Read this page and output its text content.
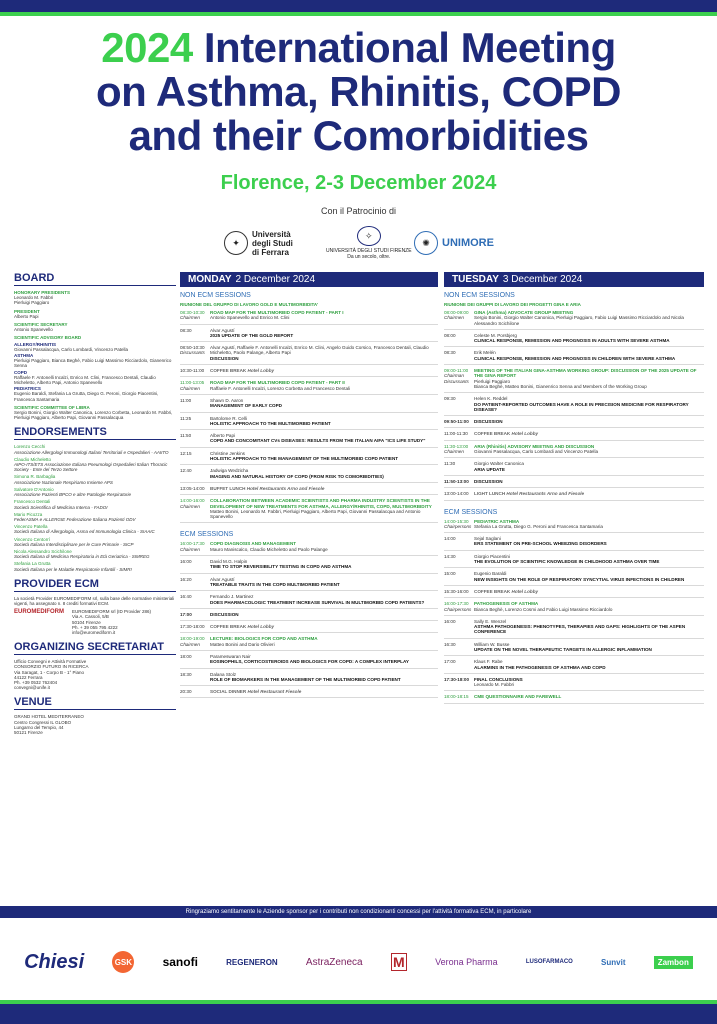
2024 International Meeting
on Asthma, Rhinitis, COPD
and their Comorbidities
Florence, 2-3 December 2024
Con il Patrocinio di
✦
Università degli Studi di Ferrara
✧
UNIVERSITÀ DEGLI STUDI FIRENZE
Da un secolo, oltre.
✺	UNIMORE
BOARD
HONORARY PRESIDENTS
Leonardo M. Fabbri
Pierluigi Paggiaro
PRESIDENT
Alberto Papi
SCIENTIFIC SECRETARY
Antonio Spanevello
SCIENTIFIC ADVISORY BOARD
ALLERGY/RHINITIS
Giovanni Passalacqua, Carlo Lombardi, Vincenzo Patella
ASTHMA
Pierluigi Paggiaro, Bianca Beghè, Fabio Luigi Massimo Ricciardolo, Gianenrico Senna
COPD
Raffaele F. Antonelli Incalzi, Enrico M. Clini, Francesco Dentali, Claudio Micheletto, Alberto Papi, Antonio Spanevello
PEDIATRICS
Eugenio Baraldi, Stefania La Grutta, Diego G. Peroni, Giorgio Piacentini, Francesca Santamaria
SCIENTIFIC COMMITTEE OF LIBRA
Sergio Bonini, Giorgio Walter Canonica, Lorenzo Corbetta, Leonardo M. Fabbri, Pierluigi Paggiaro, Alberto Papi, Giovanni Passalacqua
ENDORSEMENTS
Lorenzo Cecchi
Associazione Allergologi Immunologi Italiani Territoriali e Ospedalieri - AAIITO
Claudio Micheletto
AIPO-ITS/ETS Associazione Italiana Pneumologi Ospedalieri Italian Thoracic Society - Ente del Terzo Settore
Simona R. Barbaglia
Associazione Nazionale Respiriamo Insieme APS
Salvatore D'Antonio
Associazione Pazienti BPCO e altre Patologie Respiratorie
Francesco Dentali
Società Scientifica di Medicina Interna - FADOI
Mario Picozza
FederASMA e ALLERGIE Federazione Italiana Pazienti ODV
Vincenzo Patella
Società Italiana di Allergologia, Asma ed Immunologia Clinica - SIAAIC
Vincenzo Centorrí
Società Italiana Interdisciplinare per le Cure Primarie - SICP
Nicola Alessandro Scichilone
Società Italiana di Medicina Respiratoria in Età Geriatrica - SIMREG
Stefania La Grutta
Società Italiana per le Malattie Respiratorie Infantili - SIMRI
PROVIDER ECM
La società Provider EUROMEDIFORM srl, sulla base delle normative ministeriali vigenti, ha assegnato n. 8 crediti formativi ECM.
EUROMEDIFORM	EUROMEDIFORM srl (ID Provider 286)
Via A. Cassoli, 5/B
50104 Firenze
Ph. + 39 055 795 4222
info@euromediform.it
ORGANIZING SECRETARIAT
Ufficio Convegni e Attività Formative
CONSORZIO FUTURO IN RICERCA
Via Saragat, 1 - Corpo B - 1° Piano
44122 Ferrara
Ph. +39 0532 762404
convegni@unife.it
VENUE
GRAND HOTEL MEDITERRANEO
Centro Congressi IL GLOBO
Lungarno del Tempio, 44
50121 Firenze
MONDAY 2 December 2024
NON ECM SESSIONS
RIUNIONE DEL GRUPPO DI LAVORO GOLD E MULTIMORBIDITA'
08:30-10:30
Chairmen
ROAD MAP FOR THE MULTIMORBID COPD PATIENT - PART I
Antonio Spanevello and Enrico M. Clini
08:30	Alvar Agustí
2025 UPDATE OF THE GOLD REPORT
08:50-10:30
Discussants
Alvar Agustí, Raffaele F. Antonelli Incalzi, Enrico M. Clini, Angelo Guido Corsico, Francesco Dentali, Claudio Micheletto, Paolo Palange, Alberto Papi
DISCUSSION
10:30-11:00	COFFEE BREAK Hotel Lobby
11:00-13:05
Chairmen
ROAD MAP FOR THE MULTIMORBID COPD PATIENT - PART II
Raffaele F. Antonelli Incalzi, Lorenzo Corbetta and Francesco Dentali
11:00	Shawn D. Aaron
MANAGEMENT OF EARLY COPD
11:25	Bartolome R. Celli
HOLISTIC APPROACH TO THE MULTIMORBID PATIENT
11:50	Alberto Papi
COPD AND CONCOMITANT CVs DISEASES: RESULTS FROM THE ITALIAN AIFA "ICS LIFE STUDY"
12:15	Christine Jenkins
HOLISTIC APPROACH TO THE MANAGEMENT OF THE MULTIMORBID COPD PATIENT
12:40	Jadwiga Wedzicha
IMAGING AND NATURAL HISTORY OF COPD (FROM RISK TO COMORBIDITIES)
13:05-14:00	BUFFET LUNCH Hotel Restaurants Arno and Fiesole
14:00-16:00
Chairmen
COLLABORATION BETWEEN ACADEMIC SCIENTISTS AND PHARMA INDUSTRY SCIENTISTS IN THE DEVELOPMENT OF NEW TREATMENTS FOR ASTHMA, ALLERGY/RHINITIS, COPD, MULTIMORBIDITY
Matteo Bonini, Leonardo M. Fabbri, Pierluigi Paggiaro, Alberto Papi, Giovanni Passalacqua and Antonio Spanevello
ECM SESSIONS
16:00-17:30
Chairmen
COPD DIAGNOSIS AND MANAGEMENT
Mauro Maniscalco, Claudio Micheletto and Paolo Palange
16:00	David M.G. Halpin
TIME TO STOP REVERSIBILITY TESTING IN COPD AND ASTHMA
16:20	Alvar Agustí
TREATABLE TRAITS IN THE COPD MULTIMORBID PATIENT
16:40	Fernando J. Martinez
DOES PHARMACOLOGIC TREATMENT INCREASE SURVIVAL IN MULTIMORBID COPD PATIENTS?
17:00	DISCUSSION
17:30-18:00	COFFEE BREAK Hotel Lobby
18:00-19:00
Chairmen
LECTURE: BIOLOGICS FOR COPD AND ASTHMA
Matteo Bonini and Dario Olivieri
18:00	Parameswaran Nair
EOSINOPHILS, CORTICOSTEROIDS AND BIOLOGICS FOR COPD: A COMPLEX INTERPLAY
18:30	Dalana Stolz
ROLE OF BIOMARKERS IN THE MANAGEMENT OF THE MULTIMORBID COPD PATIENT
20:30	SOCIAL DINNER Hotel Restaurant Fiesole
TUESDAY 3 December 2024
NON ECM SESSIONS
RIUNIONE DEI GRUPPI DI LAVORO DEI PROGETTI GINA E ARIA
08:00-09:00
Chairmen
GINA (Asthma) ADVOCATE GROUP MEETING
Sergio Bonini, Giorgio Walter Canonica, Pierluigi Paggiaro, Fabio Luigi Massimo Ricciardolo and Nicola Alessandro Scichilone
08:00	Celeste M. Porsbjerg
CLINICAL RESPONSE, REMISSION AND PROGNOSIS IN ADULTS WITH SEVERE ASTHMA
08:30	Erik Melén
CLINICAL RESPONSE, REMISSION AND PROGNOSIS IN CHILDREN WITH SEVERE ASTHMA
09:00-11:00
Chairman
Discussants
MEETING OF THE ITALIAN GINA-ASTHMA WORKING GROUP: DISCUSSION OF THE 2025 UPDATE OF THE GINA REPORT
Pierluigi Paggiaro
Bianca Beghè, Matteo Bonini, Gianenrico Senna and Members of the Working Group
09:30	Helen K. Reddel
DO PATIENT-REPORTED OUTCOMES HAVE A ROLE IN PRECISION MEDICINE FOR RESPIRATORY DISEASE?
09:50-11:00	DISCUSSION
11:00-11:30	COFFEE BREAK Hotel Lobby
11:30-13:00
Chairmen
ARIA (Rhinitis) ADVISORY MEETING AND DISCUSSION
Giovanni Passalacqua, Carlo Lombardi and Vincenzo Patella
11:30	Giorgio Walter Canonica
ARIA UPDATE
11:50-13:00	DISCUSSION
13:00-14:00	LIGHT LUNCH Hotel Restaurants Arno and Fiesole
ECM SESSIONS
14:00-15:30
Chairpersons
PEDIATRIC ASTHMA
Stefania La Grutta, Diego G. Peroni and Francesca Santamaria
14:00	Sejal Saglani
ERS STATEMENT ON PRE-SCHOOL WHEEZING DISORDERS
14:30	Giorgio Piacentini
THE EVOLUTION OF SCIENTIFIC KNOWLEDGE IN CHILDHOOD ASTHMA OVER TIME
15:00	Eugenio Baraldi
NEW INSIGHTS ON THE ROLE OF RESPIRATORY SYNCYTIAL VIRUS INFECTIONS IN CHILDREN
15:30-16:00	COFFEE BREAK Hotel Lobby
16:00-17:30
Chairpersons
PATHOGENESIS OF ASTHMA
Bianca Beghè, Lorenzo Cosmi and Fabio Luigi Massimo Ricciardolo
16:00	Sally E. Wenzel
ASTHMA PATHOGENESIS: PHENOTYPES, THERAPIES AND GAPS: HIGHLIGHTS OF THE ASPEN CONFERENCE
16:30	William W. Busse
UPDATE ON THE NOVEL THERAPEUTIC TARGETS IN ALLERGIC INFLAMMATION
17:00	Klaus F. Rabe
ALARMINS IN THE PATHOGENESIS OF ASTHMA AND COPD
17:30-18:00	FINAL CONCLUSIONS
Leonardo M. Fabbri
18:00-18:15	CME QUESTIONNAIRE AND FAREWELL
Ringraziamo sentitamente le Aziende sponsor per i contributi non condizionanti concessi per l'attività formativa ECM, in particolare
Chiesi	GSK	sanofi	REGENERON	AstraZeneca M	Verona Pharma	LUSOFARMACO	Sunvit	Zambon
